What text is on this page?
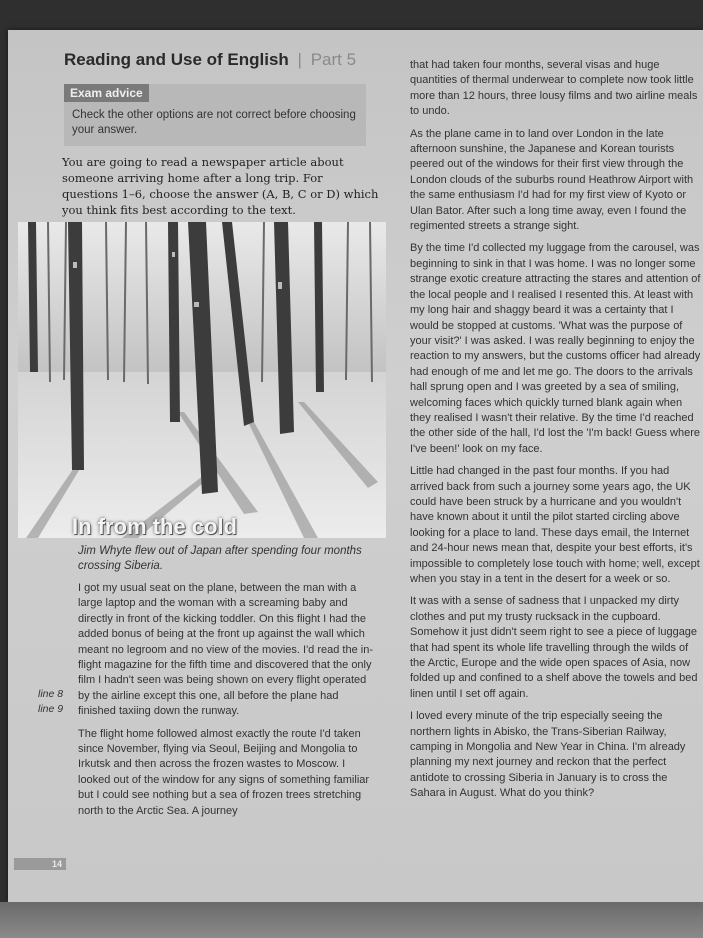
Reading and Use of English | Part 5
Exam advice
Check the other options are not correct before choosing your answer.
You are going to read a newspaper article about someone arriving home after a long trip. For questions 1–6, choose the answer (A, B, C or D) which you think fits best according to the text.
In from the cold
Jim Whyte flew out of Japan after spending four months crossing Siberia.

I got my usual seat on the plane, between the man with a large laptop and the woman with a screaming baby and directly in front of the kicking toddler. On this flight I had the added bonus of being at the front up against the wall which meant no legroom and no view of the movies. I'd read the in-flight magazine for the fifth time and discovered that the only film I hadn't seen was being shown on every flight operated by the airline except this one, all before the plane had finished taxiing down the runway.

The flight home followed almost exactly the route I'd taken since November, flying via Seoul, Beijing and Mongolia to Irkutsk and then across the frozen wastes to Moscow. I looked out of the window for any signs of something familiar but I could see nothing but a sea of frozen trees stretching north to the Arctic Sea. A journey

line 8
line 9

that had taken four months, several visas and huge quantities of thermal underwear to complete now took little more than 12 hours, three lousy films and two airline meals to undo.

As the plane came in to land over London in the late afternoon sunshine, the Japanese and Korean tourists peered out of the windows for their first view through the London clouds of the suburbs round Heathrow Airport with the same enthusiasm I'd had for my first view of Kyoto or Ulan Bator. After such a long time away, even I found the regimented streets a strange sight.

By the time I'd collected my luggage from the carousel, was beginning to sink in that I was home. I was no longer some strange exotic creature attracting the stares and attention of the local people and I realised I resented this. At least with my long hair and shaggy beard it was a certainty that I would be stopped at customs. 'What was the purpose of your visit?' I was asked. I was really beginning to enjoy the reaction to my answers, but the customs officer had already had enough of me and let me go. The doors to the arrivals hall sprung open and I was greeted by a sea of smiling, welcoming faces which quickly turned blank again when they realised I wasn't their relative. By the time I'd reached the other side of the hall, I'd lost the 'I'm back! Guess where I've been!' look on my face.

Little had changed in the past four months. If you had arrived back from such a journey some years ago, the UK could have been struck by a hurricane and you wouldn't have known about it until the pilot started circling above looking for a place to land. These days email, the Internet and 24-hour news mean that, despite your best efforts, it's impossible to completely lose touch with home; well, except when you stay in a tent in the desert for a week or so.

It was with a sense of sadness that I unpacked my dirty clothes and put my trusty rucksack in the cupboard. Somehow it just didn't seem right to see a piece of luggage that had spent its whole life travelling through the wilds of the Arctic, Europe and the wide open spaces of Asia, now folded up and confined to a shelf above the towels and bed linen until I set off again.

I loved every minute of the trip especially seeing the northern lights in Abisko, the Trans-Siberian Railway, camping in Mongolia and New Year in China. I'm already planning my next journey and reckon that the perfect antidote to crossing Siberia in January is to cross the Sahara in August. What do you think?

14
